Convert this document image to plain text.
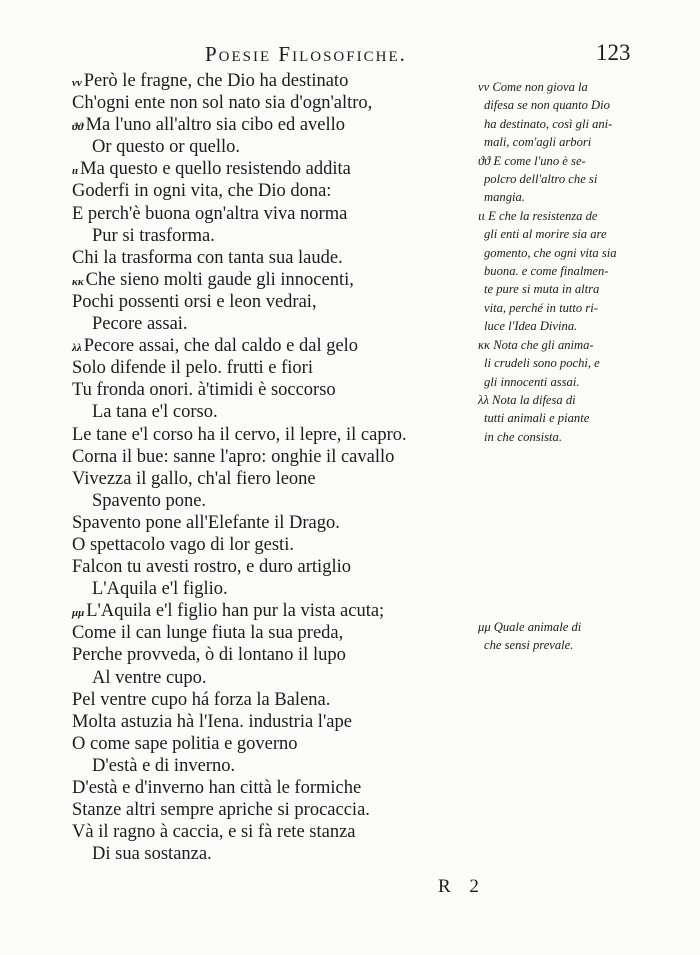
Poesie Filosofiche.	123
νν Però le fragne, che Dio ha destinato
Ch'ogni ente non sol nato sia d'ogn'altro,
ϑϑ Ma l'uno all'altro sia cibo ed avello
Or questo or quello.
ιι Ma questo e quello resistendo addita
Goderfi in ogni vita, che Dio dona:
E perch'è buona ogn'altra viva norma
Pur si trasforma.
Chi la trasforma con tanta sua laude.
κκ Che sieno molti gaude gli innocenti,
Pochi possenti orsi e leon vedrai,
Pecore assai.
λλ Pecore assai, che dal caldo e dal gelo
Solo difende il pelo. frutti e fiori
Tu fronda onori. à'timidi è soccorso
La tana e'l corso.
Le tane e'l corso ha il cervo, il lepre, il capro.
Corna il bue: sanne l'apro: onghie il cavallo
Vivezza il gallo, ch'al fiero leone
Spavento pone.
Spavento pone all'Elefante il Drago.
O spettacolo vago di lor gesti.
Falcon tu avesti rostro, e duro artiglio
L'Aquila e'l figlio.
μμ L'Aquila e'l figlio han pur la vista acuta;
Come il can lunge fiuta la sua preda,
Perche provveda, ò di lontano il lupo
Al ventre cupo.
Pel ventre cupo há forza la Balena.
Molta astuzia hà l'Iena. industria l'ape
O come sape politia e governo
D'està e di inverno.
D'està e d'inverno han città le formiche
Stanze altri sempre apriche si procaccia.
Và il ragno à caccia, e si fà rete stanza
Di sua sostanza.
νν Come non giova la
difesa se non quanto Dio
ha destinato, così gli ani-
mali, com'agli arbori
ϑϑ E come l'uno è se-
polcro dell'altro che si
mangia.
ιι E che la resistenza de
gli enti al morire sia are
gomento, che ogni vita sia
buona. e come finalmen-
te pure si muta in altra
vita, perché in tutto ri-
luce l'Idea Divina.
κκ Nota che gli anima-
li crudeli sono pochi, e
gli innocenti assai.
λλ Nota la difesa di
tutti animali e piante
in che consista.
μμ Quale animale di
che sensi prevale.
R 2
